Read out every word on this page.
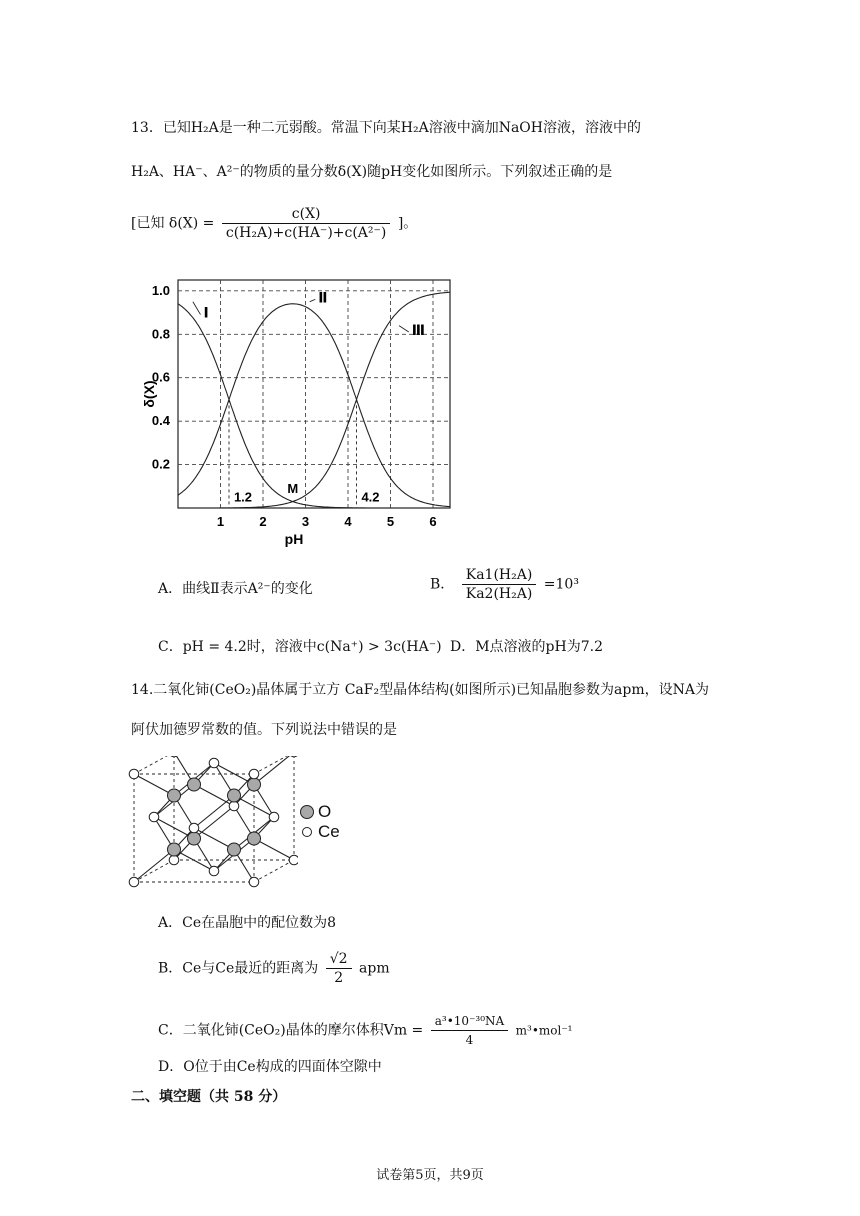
13．已知H₂A是一种二元弱酸。常温下向某H₂A溶液中滴加NaOH溶液，溶液中的
H₂A、HA⁻、A²⁻的物质的量分数δ(X)随pH变化如图所示。下列叙述正确的是
[已知 $\delta(X) = \frac{c(X)}{\text{c(H₂A)+c(HA⁻)+c(A²⁻)}}$ ]。
1	2	3	4	5	6
0.2
0.4
0.6
0.8
1.0
pH
δ(X)
Ⅰ
Ⅱ
Ⅲ
1.2	4.2
M
A．曲线Ⅱ表示A²⁻的变化	B． $\frac{\text{Ka1(H₂A)}}{\text{Ka2(H₂A)}} =10^3$
C．pH = 4.2时，溶液中c(Na⁺) > 3c(HA⁻) D．M点溶液的pH为7.2
14.二氧化铈(CeO₂)晶体属于立方 CaF₂型晶体结构(如图所示)已知晶胞参数为apm，设NA为
阿伏加德罗常数的值。下列说法中错误的是
O
Ce
A．Ce在晶胞中的配位数为8
B．Ce与Ce最近的距离为 $\frac{√2}{2}$ apm
C．二氧化铈(CeO₂)晶体的摩尔体积$Vm = \frac{\text{a³•10⁻³⁰NA}}{4}$ m³•mol⁻¹
D．O位于由Ce构成的四面体空隙中
二、填空题（共 58 分）
试卷第5页，共9页
